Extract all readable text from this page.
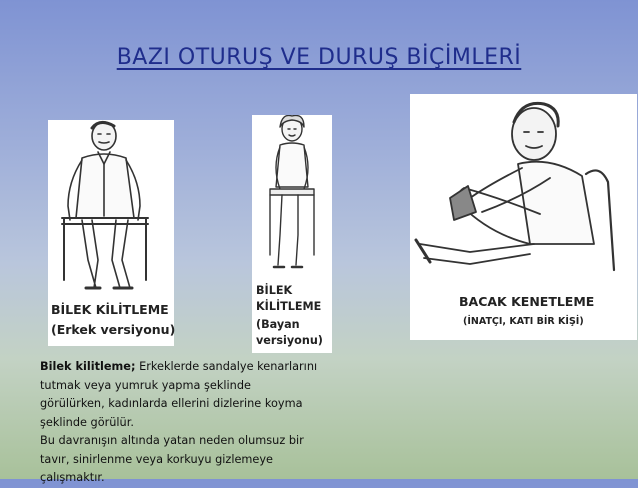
BAZI OTURUŞ VE DURUŞ BİÇİMLERİ
BİLEK KİLİTLEME
(Erkek versiyonu)
BİLEK
KİLİTLEME
(Bayan
versiyonu)
BACAK KENETLEME
(İNATÇI, KATI BİR KİŞİ)

Bilek kilitleme; Erkeklerde sandalye kenarlarını

tutmak veya yumruk yapma şeklinde

görülürken, kadınlarda ellerini dizlerine koyma

şeklinde görülür.

Bu davranışın altında yatan neden olumsuz bir

tavır, sinirlenme veya korkuyu gizlemeye

çalışmaktır.
